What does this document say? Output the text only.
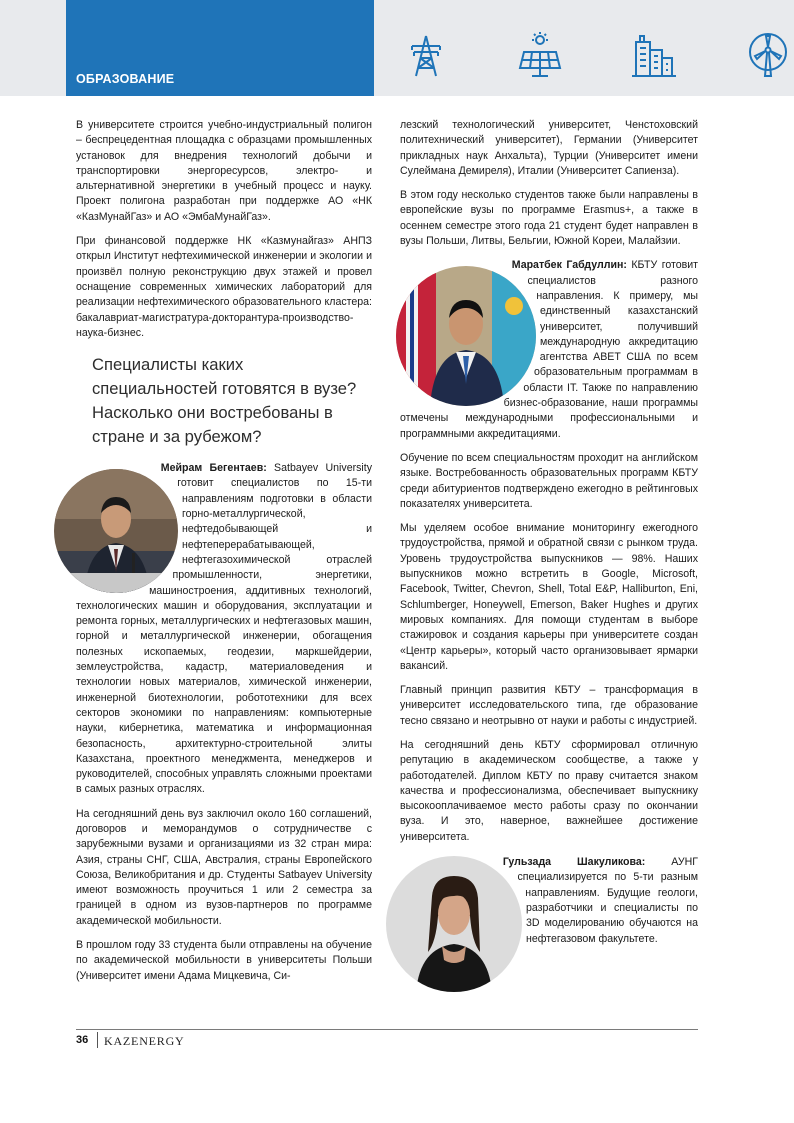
ОБРАЗОВАНИЕ

В университете строится учебно-индустриальный полигон – беспрецедентная площадка с образцами промышленных установок для внедрения технологий добычи и транспортировки энергоресурсов, электро- и альтернативной энергетики в учебный процесс и науку. Проект полигона разработан при поддержке АО «НК «КазМунайГаз» и АО «ЭмбаМунайГаз».

При финансовой поддержке НК «Казмунайгаз» АНПЗ открыл Институт нефтехимической инженерии и экологии и произвёл полную реконструкцию двух этажей и провел оснащение современных химических лабораторий для реализации нефтехимического образовательного кластера: бакалавриат-магистратура-докторантура-производство-наука-бизнес.

Специалисты каких специальностей готовятся в вузе? Насколько они востребованы в стране и за рубежом?

Мейрам Бегентаев: Satbayev University готовит специалистов по 15-ти направлениям подготовки в области горно-металлургической, нефтедобывающей и нефтеперерабатывающей, нефтегазохимической отраслей промышленности, энергетики, машиностроения, аддитивных технологий, технологических машин и оборудования, эксплуатации и ремонта горных, металлургических и нефтегазовых машин, горной и металлургической инженерии, обогащения полезных ископаемых, геодезии, маркшейдерии, землеустройства, кадастр, материаловедения и технологии новых материалов, химической инженерии, инженерной биотехнологии, робототехники для всех секторов экономики по направлениям: компьютерные науки, кибернетика, математика и информационная безопасность, архитектурно-строительной элиты Казахстана, проектного менеджмента, менеджеров и руководителей, способных управлять сложными проектами в самых разных отраслях.

На сегодняшний день вуз заключил около 160 соглашений, договоров и меморандумов о сотрудничестве с зарубежными вузами и организациями из 32 стран мира: Азия, страны СНГ, США, Австралия, страны Европейского Союза, Великобритания и др. Студенты Satbayev University имеют возможность проучиться 1 или 2 семестра за границей в одном из вузов-партнеров по программе академической мобильности.

В прошлом году 33 студента были отправлены на обучение по академической мобильности в университеты Польши (Университет имени Адама Мицкевича, Си-

лезский технологический университет, Ченстоховский политехнический университет), Германии (Университет прикладных наук Анхальта), Турции (Университет имени Сулеймана Демиреля), Италии (Университет Сапиенза).

В этом году несколько студентов также были направлены в европейские вузы по программе Erasmus+, а также в осеннем семестре этого года 21 студент будет направлен в вузы Польши, Литвы, Бельгии, Южной Кореи, Малайзии.

Маратбек Габдуллин: КБТУ готовит специалистов разного направления. К примеру, мы единственный казахстанский университет, получивший международную аккредитацию агентства ABET США по всем образовательным программам в области IT. Также по направлению бизнес-образование, наши программы отмечены международными профессиональными и программными аккредитациями.

Обучение по всем специальностям проходит на английском языке. Востребованность образовательных программ КБТУ среди абитуриентов подтверждено ежегодно в рейтинговых показателях университета.

Мы уделяем особое внимание мониторингу ежегодного трудоустройства, прямой и обратной связи с рынком труда. Уровень трудоустройства выпускников — 98%. Наших выпускников можно встретить в Google, Microsoft, Facebook, Twitter, Chevron, Shell, Total E&P, Halliburton, Eni, Schlumberger, Honeywell, Emerson, Baker Hughes и других мировых компаниях. Для помощи студентам в выборе стажировок и создания карьеры при университете создан «Центр карьеры», который часто организовывает ярмарки вакансий.

Главный принцип развития КБТУ – трансформация в университет исследовательского типа, где образование тесно связано и неотрывно от науки и работы с индустрией.

На сегодняшний день КБТУ сформировал отличную репутацию в академическом сообществе, а также у работодателей. Диплом КБТУ по праву считается знаком качества и профессионализма, обеспечивает выпускнику высокооплачиваемое место работы сразу по окончании вуза. И это, наверное, важнейшее достижение университета.

Гульзада Шакуликова: АУНГ специализируется по 5-ти разным направлениям. Будущие геологи, разработчики и специалисты по 3D моделированию обучаются на нефтегазовом факультете.

36 KAZENERGY
